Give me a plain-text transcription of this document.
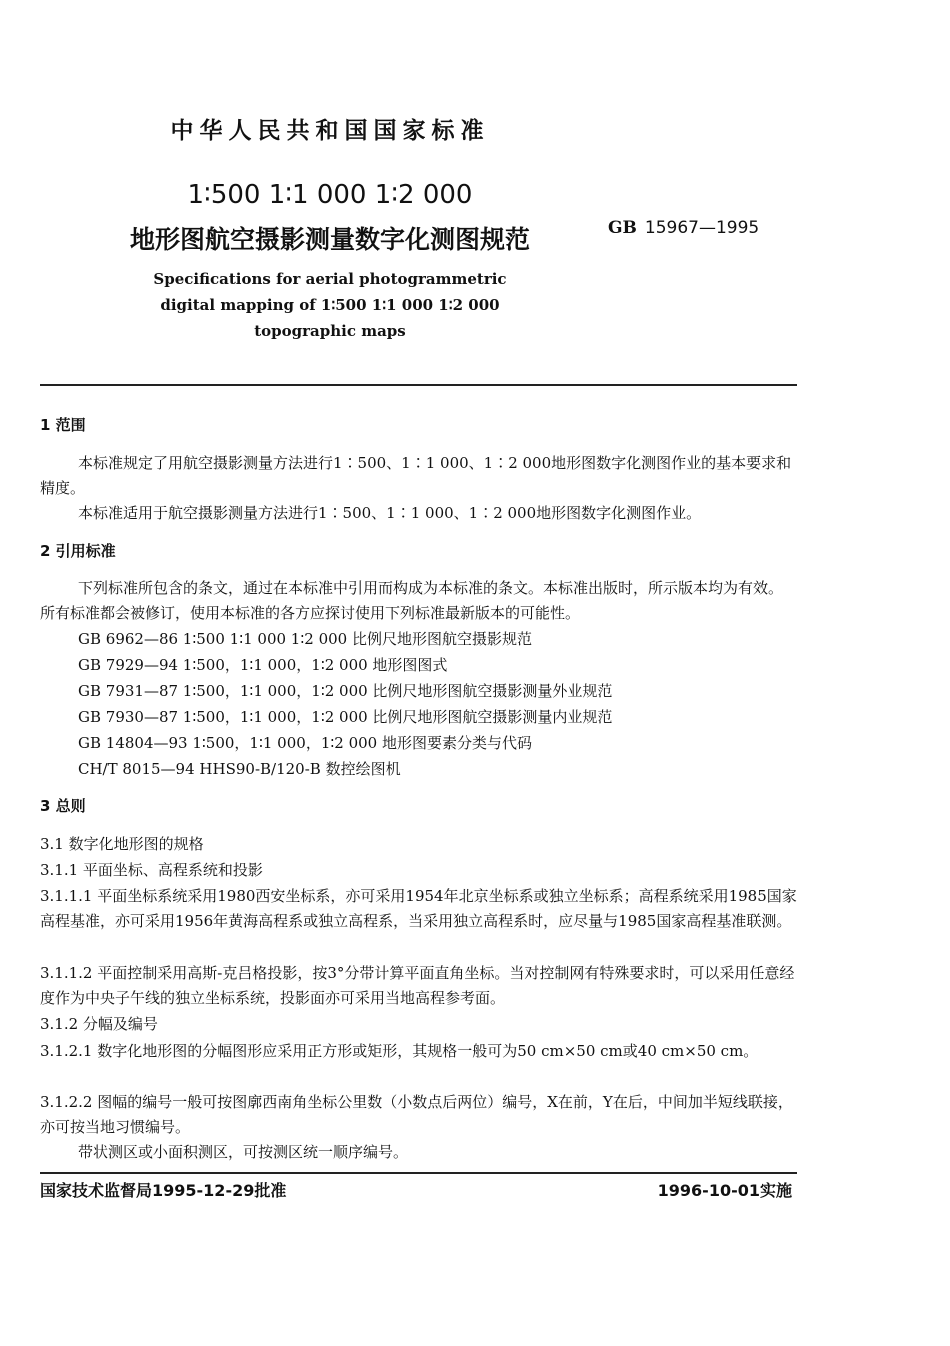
中华人民共和国国家标准
1∶500 1∶1 000 1∶2 000
地形图航空摄影测量数字化测图规范	GB 15967—1995
Specifications for aerial photogrammetric
digital mapping of 1∶500 1∶1 000 1∶2 000
topographic maps
1 范围
本标准规定了用航空摄影测量方法进行1∶500、1∶1 000、1∶2 000地形图数字化测图作业的基本要求和精度。
本标准适用于航空摄影测量方法进行1∶500、1∶1 000、1∶2 000地形图数字化测图作业。
2 引用标准
下列标准所包含的条文，通过在本标准中引用而构成为本标准的条文。本标准出版时，所示版本均为有效。所有标准都会被修订，使用本标准的各方应探讨使用下列标准最新版本的可能性。
GB 6962—86 1∶500 1∶1 000 1∶2 000 比例尺地形图航空摄影规范
GB 7929—94 1∶500，1∶1 000，1∶2 000 地形图图式
GB 7931—87 1∶500，1∶1 000，1∶2 000 比例尺地形图航空摄影测量外业规范
GB 7930—87 1∶500，1∶1 000，1∶2 000 比例尺地形图航空摄影测量内业规范
GB 14804—93 1∶500，1∶1 000，1∶2 000 地形图要素分类与代码
CH/T 8015—94 HHS90-B/120-B 数控绘图机
3 总则
3.1 数字化地形图的规格
3.1.1 平面坐标、高程系统和投影
3.1.1.1 平面坐标系统采用1980西安坐标系，亦可采用1954年北京坐标系或独立坐标系；高程系统采用1985国家高程基准，亦可采用1956年黄海高程系或独立高程系，当采用独立高程系时，应尽量与1985国家高程基准联测。
3.1.1.2 平面控制采用高斯-克吕格投影，按3°分带计算平面直角坐标。当对控制网有特殊要求时，可以采用任意经度作为中央子午线的独立坐标系统，投影面亦可采用当地高程参考面。
3.1.2 分幅及编号
3.1.2.1 数字化地形图的分幅图形应采用正方形或矩形，其规格一般可为50 cm×50 cm或40 cm×50 cm。
3.1.2.2 图幅的编号一般可按图廓西南角坐标公里数（小数点后两位）编号，X在前，Y在后，中间加半短线联接，亦可按当地习惯编号。
带状测区或小面积测区，可按测区统一顺序编号。
国家技术监督局1995-12-29批准	1996-10-01实施
